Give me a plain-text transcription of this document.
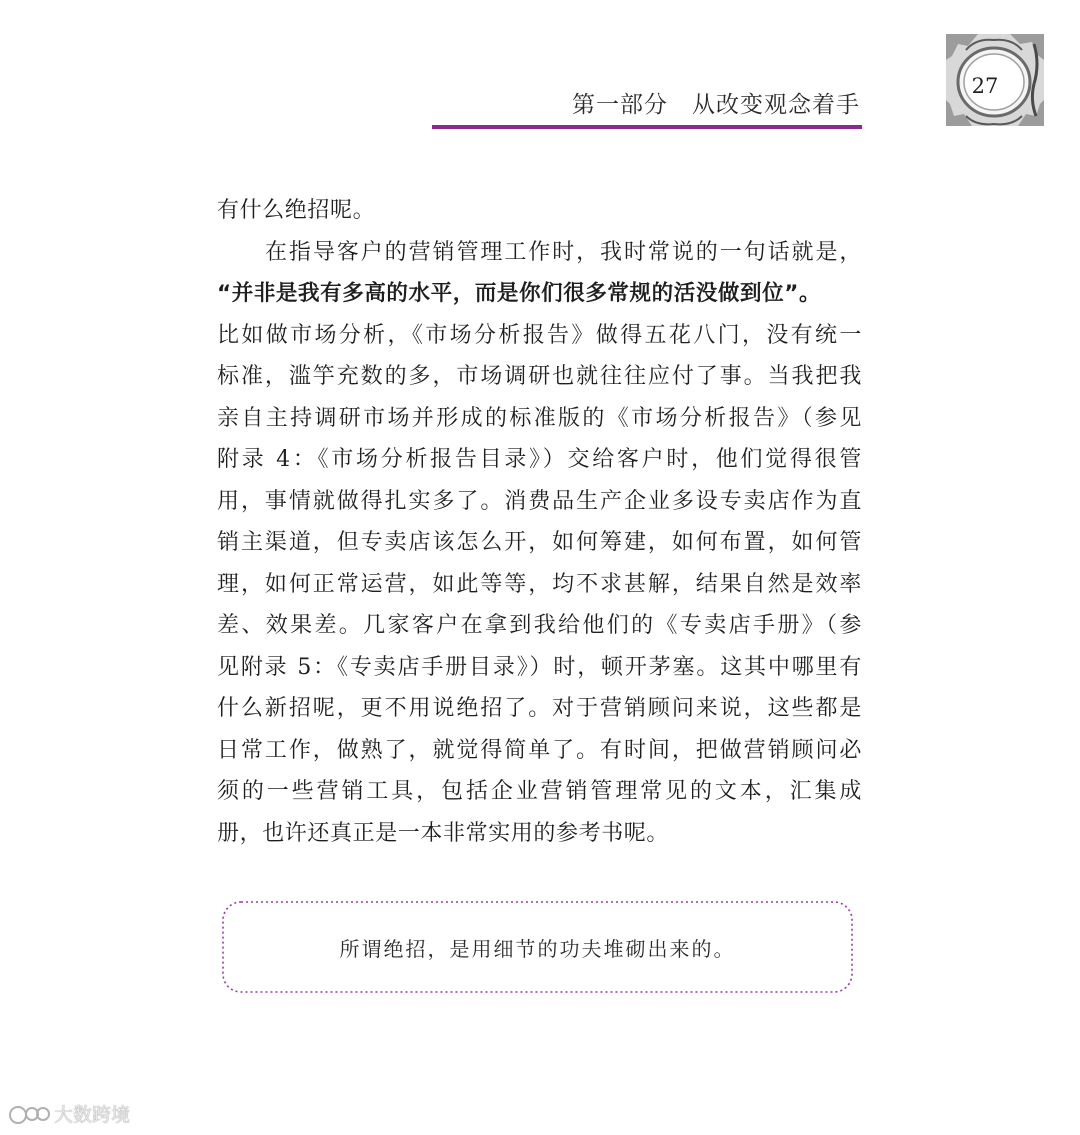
第一部分　从改变观念着手
27
有什么绝招呢。
在指导客户的营销管理工作时，我时常说的一句话就是，
“并非是我有多高的水平，而是你们很多常规的活没做到位”。
比如做市场分析，《市场分析报告》做得五花八门，没有统一
标准，滥竽充数的多，市场调研也就往往应付了事。当我把我
亲自主持调研市场并形成的标准版的《市场分析报告》（参见
附录 4：《市场分析报告目录》）交给客户时，他们觉得很管
用，事情就做得扎实多了。消费品生产企业多设专卖店作为直
销主渠道，但专卖店该怎么开，如何筹建，如何布置，如何管
理，如何正常运营，如此等等，均不求甚解，结果自然是效率
差、效果差。几家客户在拿到我给他们的《专卖店手册》（参
见附录 5：《专卖店手册目录》）时，顿开茅塞。这其中哪里有
什么新招呢，更不用说绝招了。对于营销顾问来说，这些都是
日常工作，做熟了，就觉得简单了。有时间，把做营销顾问必
须的一些营销工具，包括企业营销管理常见的文本，汇集成
册，也许还真正是一本非常实用的参考书呢。
所谓绝招，是用细节的功夫堆砌出来的。
大数跨境
